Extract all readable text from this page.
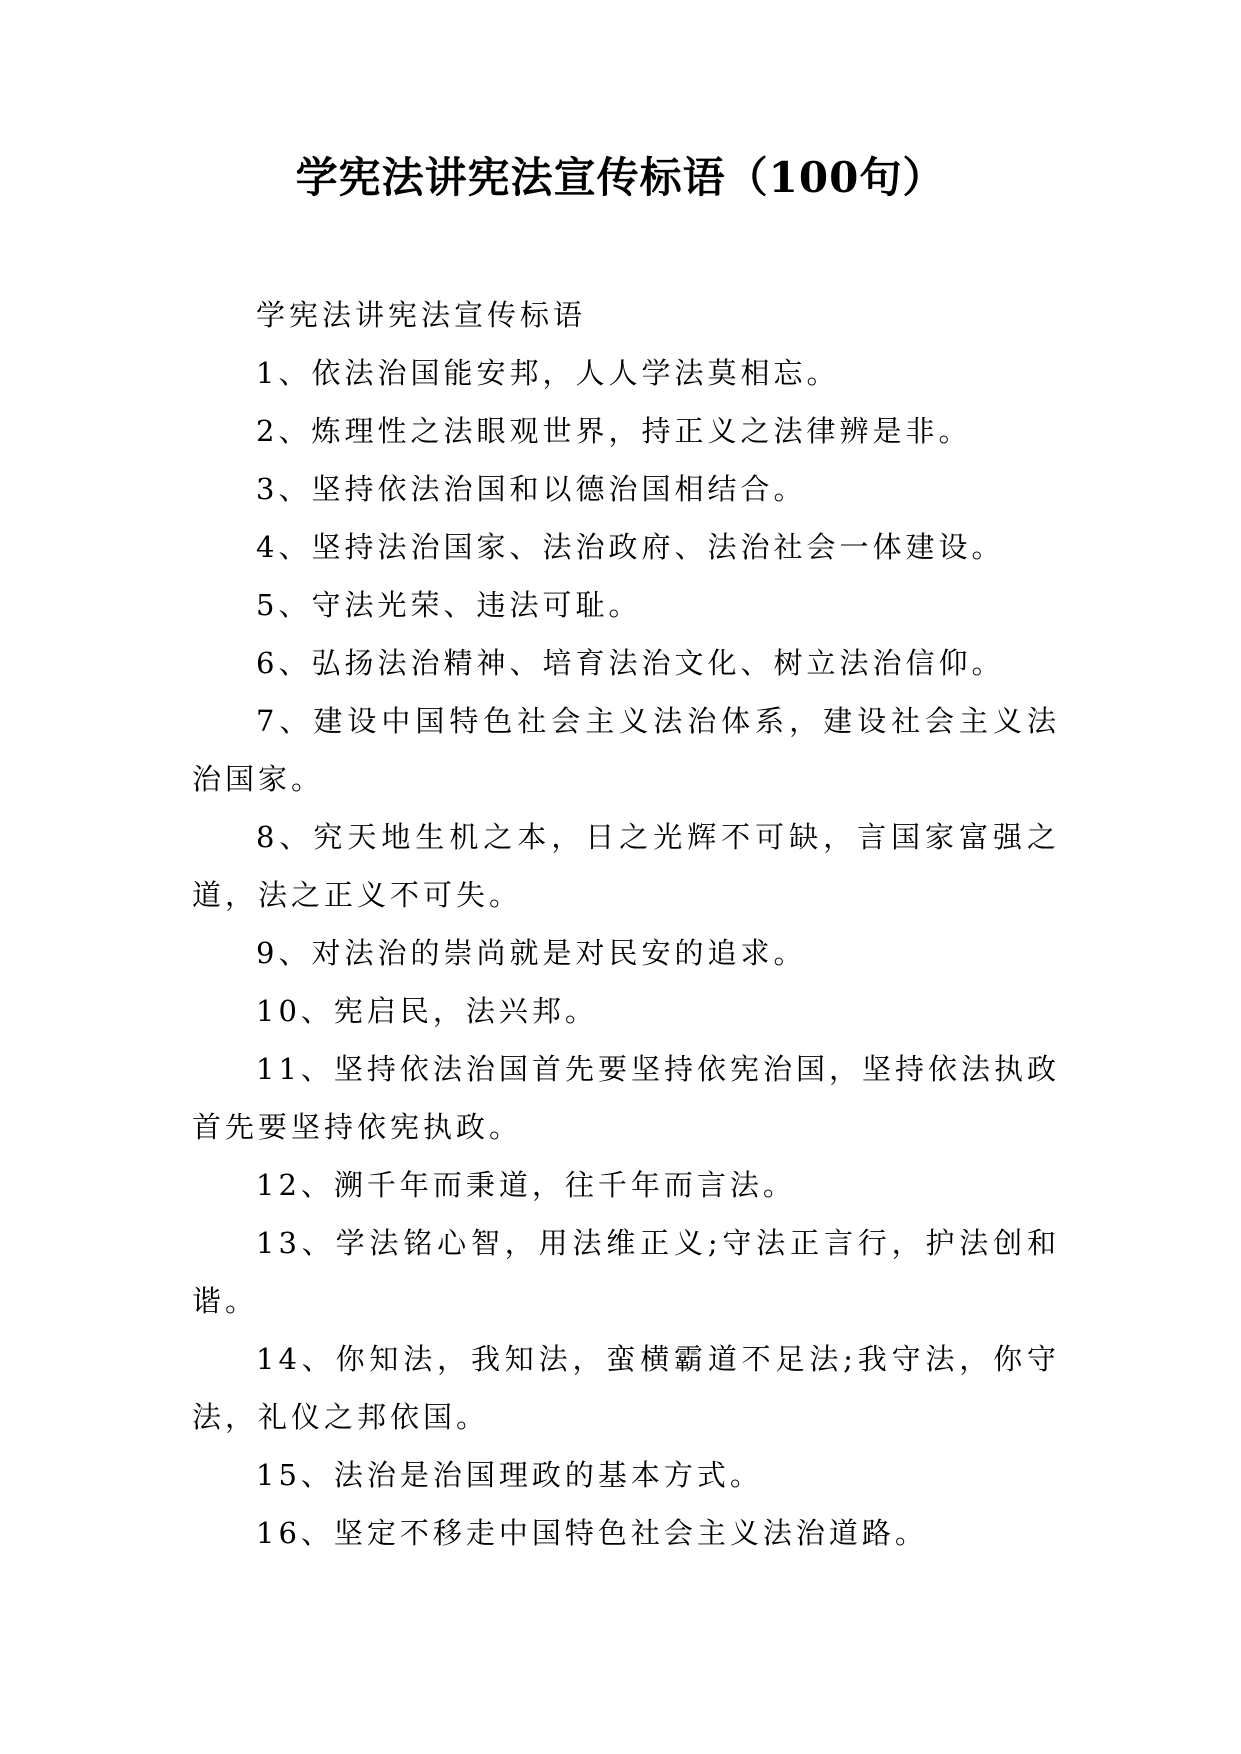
学宪法讲宪法宣传标语（100句）

学宪法讲宪法宣传标语

1、依法治国能安邦，人人学法莫相忘。

2、炼理性之法眼观世界，持正义之法律辨是非。

3、坚持依法治国和以德治国相结合。

4、坚持法治国家、法治政府、法治社会一体建设。

5、守法光荣、违法可耻。

6、弘扬法治精神、培育法治文化、树立法治信仰。

7、建设中国特色社会主义法治体系，建设社会主义法治国家。

8、究天地生机之本，日之光辉不可缺，言国家富强之道，法之正义不可失。

9、对法治的崇尚就是对民安的追求。

10、宪启民，法兴邦。

11、坚持依法治国首先要坚持依宪治国，坚持依法执政首先要坚持依宪执政。

12、溯千年而秉道，往千年而言法。

13、学法铭心智，用法维正义;守法正言行，护法创和谐。

14、你知法，我知法，蛮横霸道不足法;我守法，你守法，礼仪之邦依国。

15、法治是治国理政的基本方式。

16、坚定不移走中国特色社会主义法治道路。
